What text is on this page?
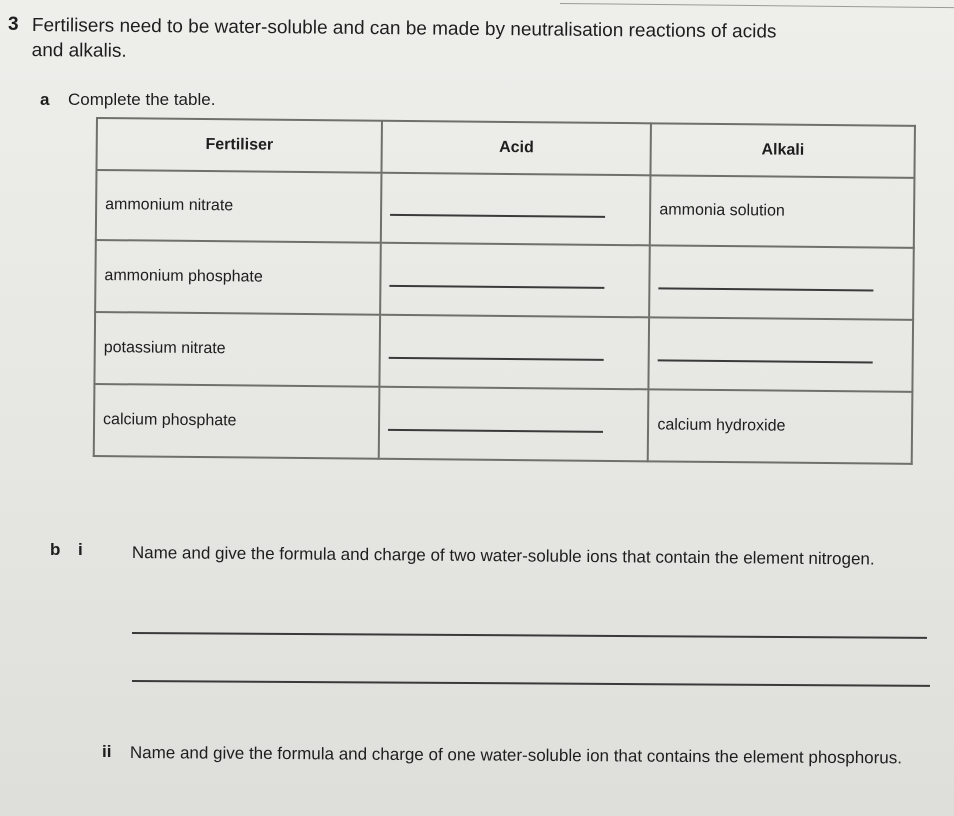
3 Fertilisers need to be water-soluble and can be made by neutralisation reactions of acids and alkalis.
a Complete the table.
Fertiliser	Acid	Alkali
ammonium nitrate		ammonia solution
ammonium phosphate		
potassium nitrate		
calcium phosphate		calcium hydroxide
b i	Name and give the formula and charge of two water-soluble ions that contain the element nitrogen.
ii Name and give the formula and charge of one water-soluble ion that contains the element phosphorus.
